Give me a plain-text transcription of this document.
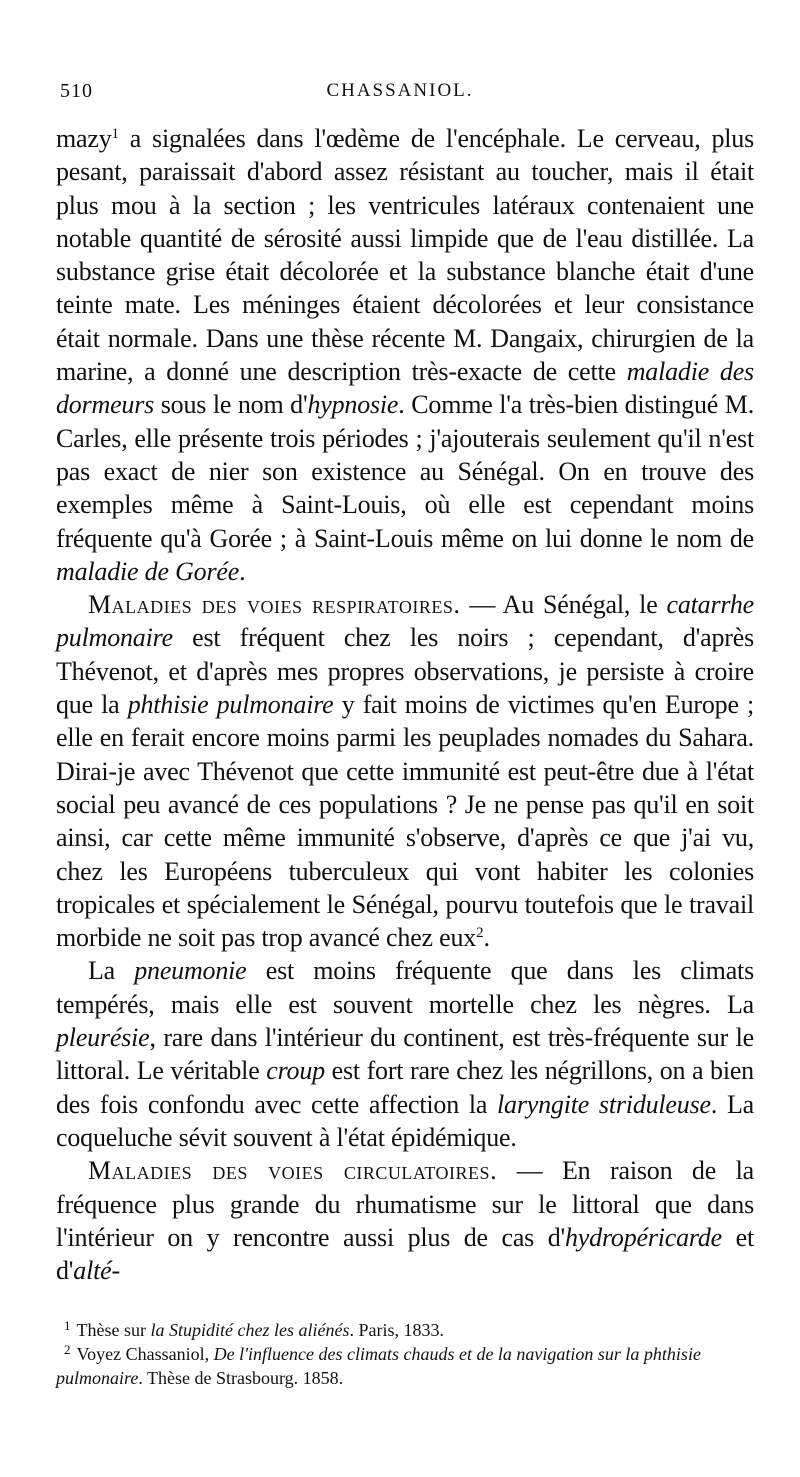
510	CHASSANIOL.

mazy$^1$ a signalées dans l'œdème de l'encéphale. Le cerveau, plus pesant, paraissait d'abord assez résistant au toucher, mais il était plus mou à la section ; les ventricules latéraux contenaient une notable quantité de sérosité aussi limpide que de l'eau distillée. La substance grise était décolorée et la substance blanche était d'une teinte mate. Les méninges étaient décolorées et leur consistance était normale. Dans une thèse récente M. Dangaix, chirurgien de la marine, a donné une description très-exacte de cette maladie des dormeurs sous le nom d'hypnosie. Comme l'a très-bien distingué M. Carles, elle présente trois périodes ; j'ajouterais seulement qu'il n'est pas exact de nier son existence au Sénégal. On en trouve des exemples même à Saint-Louis, où elle est cependant moins fréquente qu'à Gorée ; à Saint-Louis même on lui donne le nom de maladie de Gorée.

Maladies des voies respiratoires. — Au Sénégal, le catarrhe pulmonaire est fréquent chez les noirs ; cependant, d'après Thévenot, et d'après mes propres observations, je persiste à croire que la phthisie pulmonaire y fait moins de victimes qu'en Europe ; elle en ferait encore moins parmi les peuplades nomades du Sahara. Dirai-je avec Thévenot que cette immunité est peut-être due à l'état social peu avancé de ces populations ? Je ne pense pas qu'il en soit ainsi, car cette même immunité s'observe, d'après ce que j'ai vu, chez les Européens tuberculeux qui vont habiter les colonies tropicales et spécialement le Sénégal, pourvu toutefois que le travail morbide ne soit pas trop avancé chez eux$^2$.

La pneumonie est moins fréquente que dans les climats tempérés, mais elle est souvent mortelle chez les nègres. La pleurésie, rare dans l'intérieur du continent, est très-fréquente sur le littoral. Le véritable croup est fort rare chez les négrillons, on a bien des fois confondu avec cette affection la laryngite striduleuse. La coqueluche sévit souvent à l'état épidémique.

Maladies des voies circulatoires. — En raison de la fréquence plus grande du rhumatisme sur le littoral que dans l'intérieur on y rencontre aussi plus de cas d'hydropéricarde et d'alté-

$^1$ Thèse sur la Stupidité chez les aliénés. Paris, 1833.

$^2$ Voyez Chassaniol, De l'influence des climats chauds et de la navigation sur la phthisie pulmonaire. Thèse de Strasbourg. 1858.
